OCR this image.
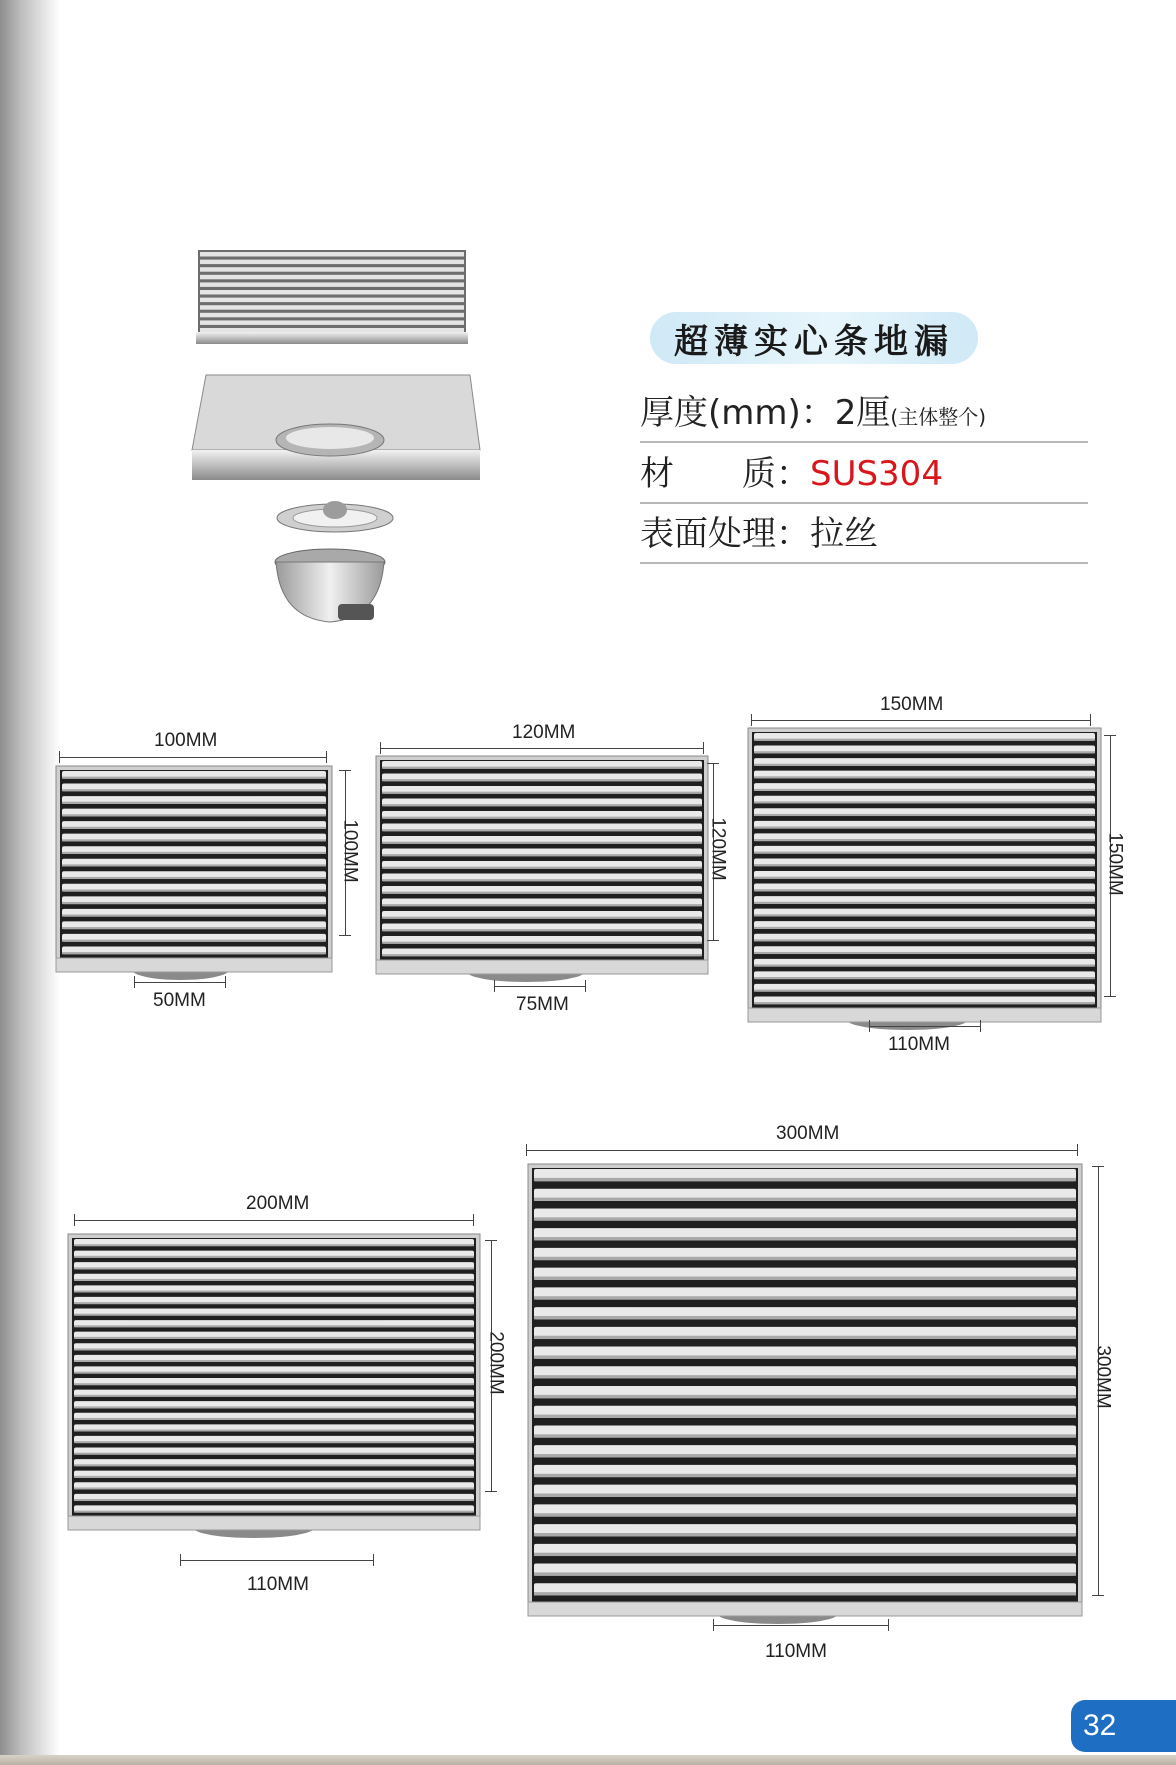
超薄实心条地漏
厚度(mm)：2厘(主体整个)
材　　质：SUS304
表面处理：拉丝
100MM
100MM
50MM
120MM
120MM
75MM
150MM
150MM
110MM
200MM
200MM
110MM
300MM
300MM
110MM
32
